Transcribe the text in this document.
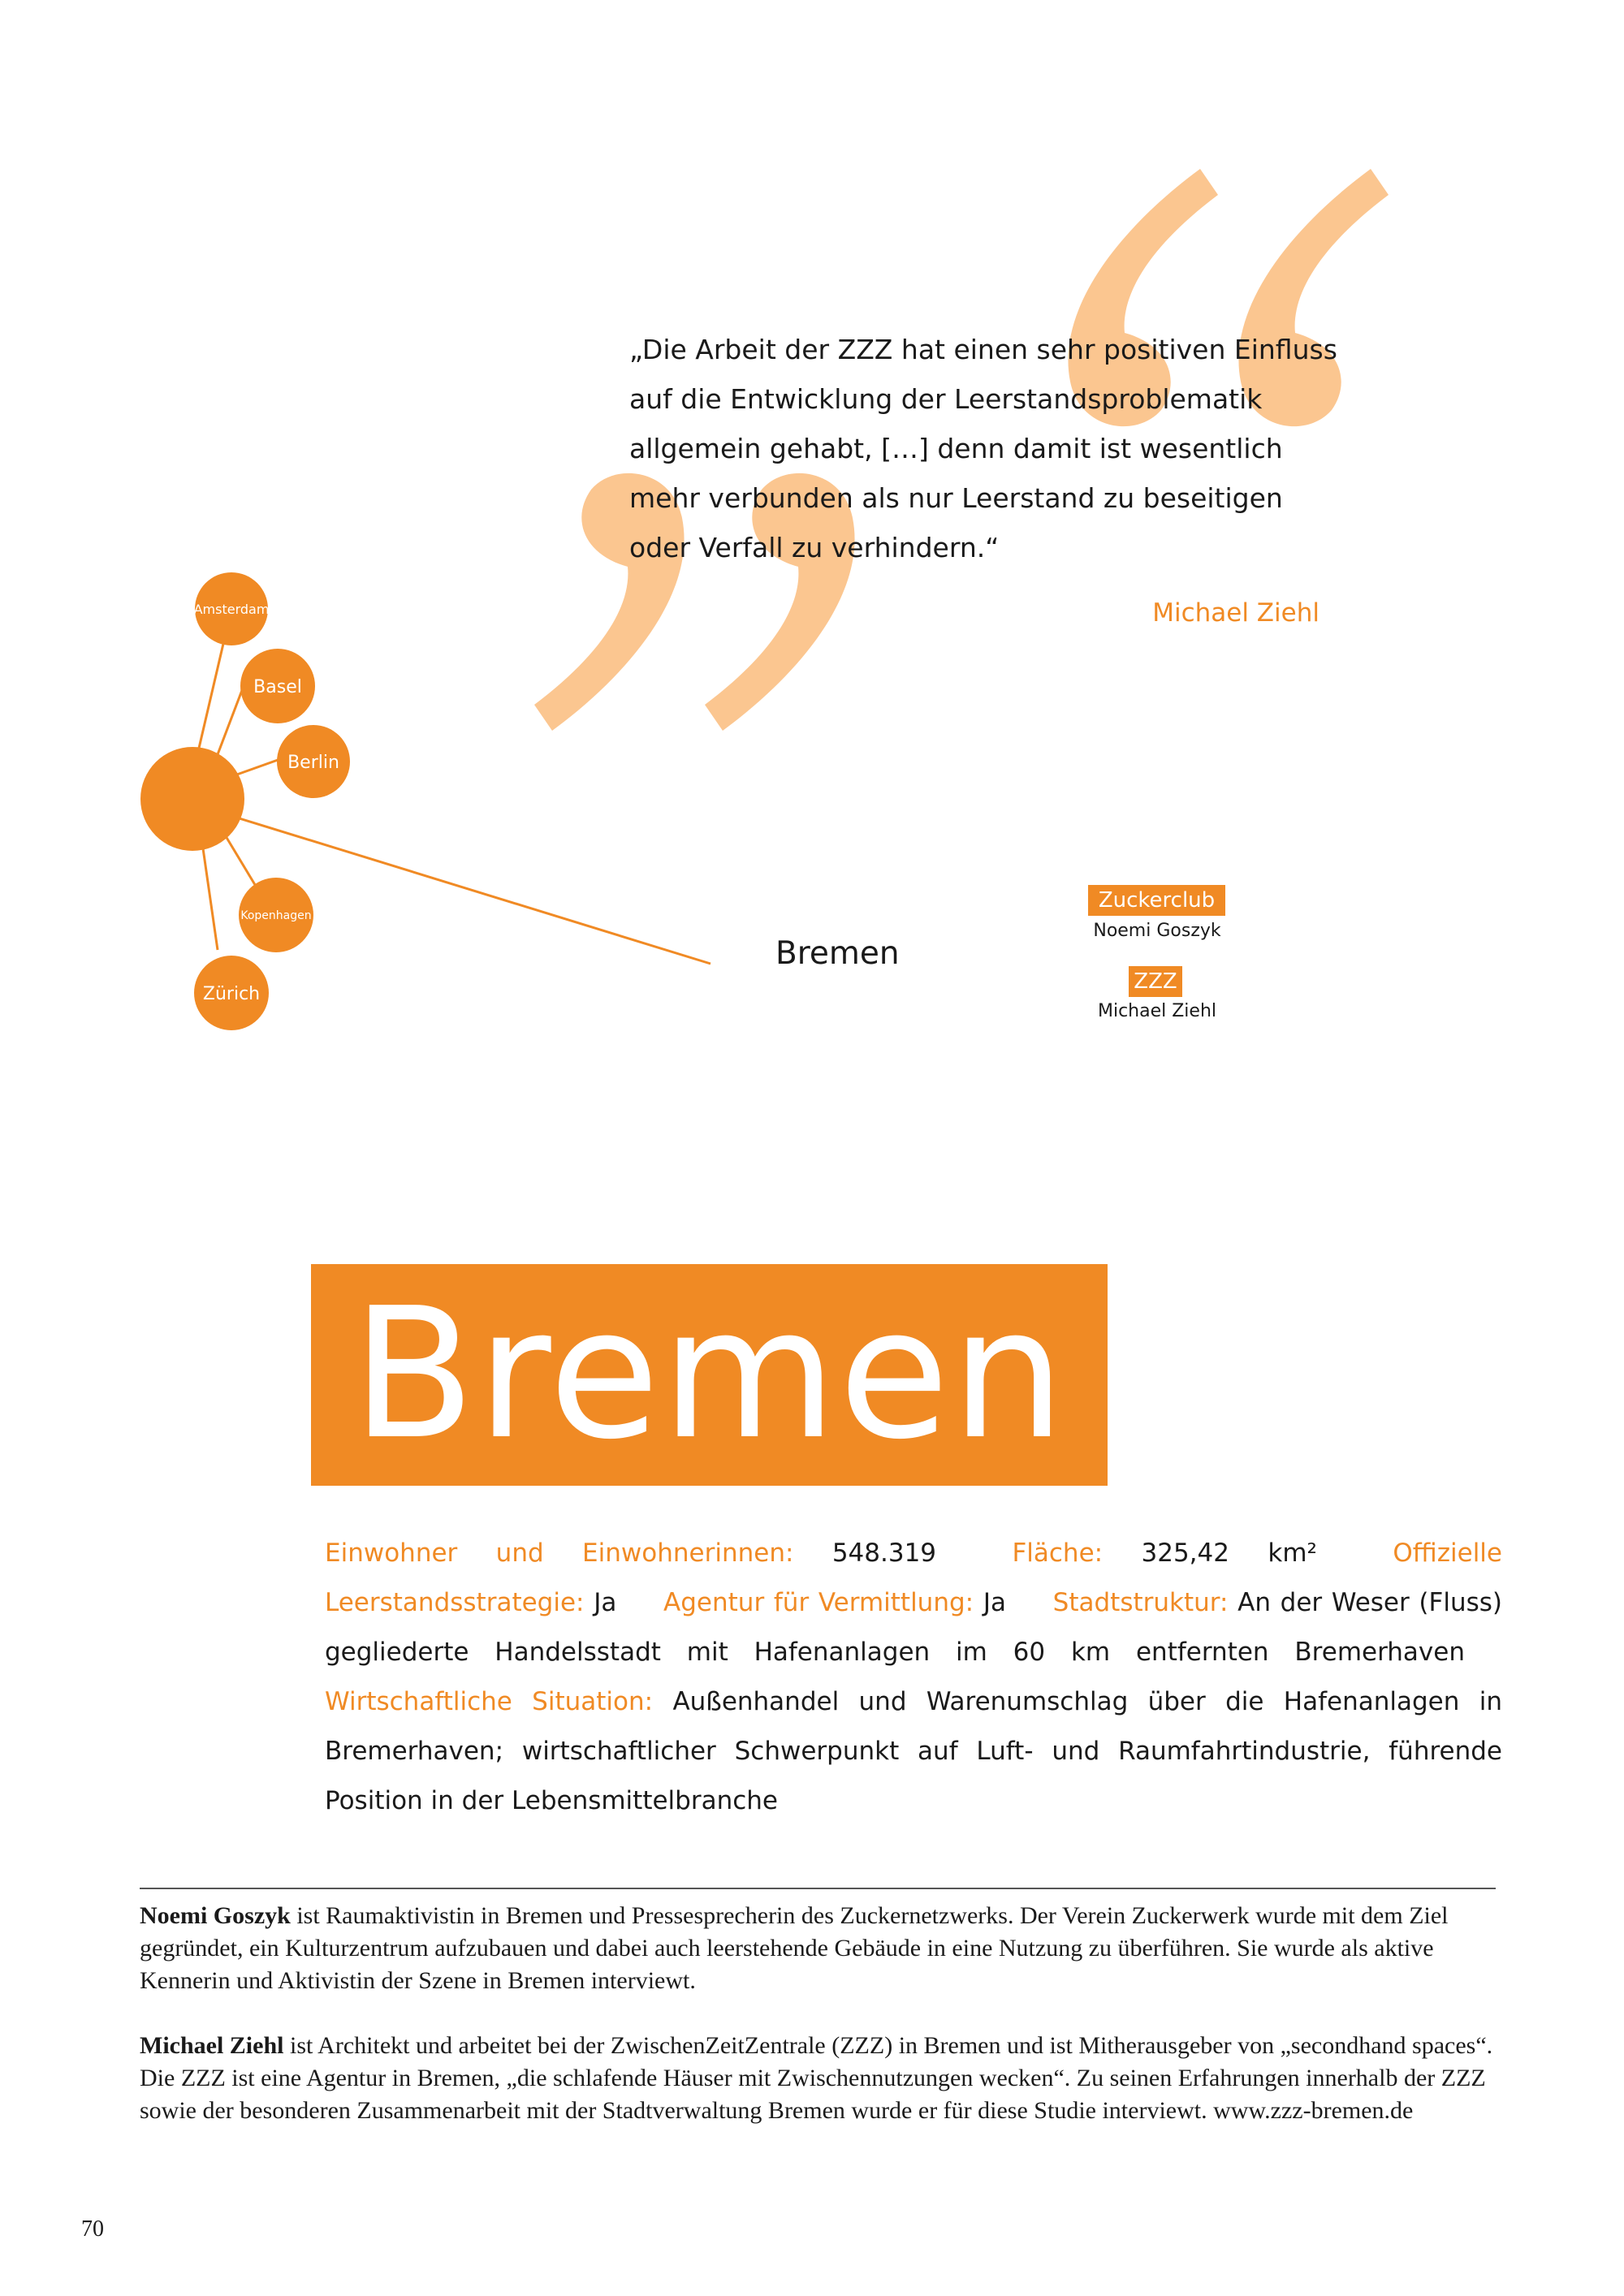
„Die Arbeit der ZZZ hat einen sehr positiven Einfluss auf die Entwicklung der Leerstandsproblematik allgemein gehabt, […] denn damit ist wesentlich mehr verbunden als nur Leerstand zu beseitigen oder Verfall zu verhindern.“
Michael Ziehl
Amsterdam
Basel
Berlin
Kopenhagen
Zürich
Bremen
Zuckerclub
Noemi Goszyk
ZZZ
Michael Ziehl
Bremen
Einwohner und Einwohnerinnen: 548.319	Fläche: 325,42 km²	Offizielle Leerstandsstrategie: Ja Agentur für Vermittlung: Ja Stadtstruktur: An der Weser (Fluss) gegliederte Handelsstadt mit Hafenanlagen im 60 km entfernten Bremerhaven Wirtschaftliche Situation: Außenhandel und Warenumschlag über die Hafenanlagen in Bremerhaven; wirtschaftlicher Schwerpunkt auf Luft- und Raumfahrtindustrie, führende Position in der Lebensmittelbranche
Noemi Goszyk ist Raumaktivistin in Bremen und Pressesprecherin des Zuckernetzwerks. Der Verein Zuckerwerk wurde mit dem Ziel gegründet, ein Kulturzentrum aufzubauen und dabei auch leerstehende Gebäude in eine Nutzung zu überführen. Sie wurde als aktive Kennerin und Aktivistin der Szene in Bremen interviewt.
Michael Ziehl ist Architekt und arbeitet bei der ZwischenZeitZentrale (ZZZ) in Bremen und ist Mitherausgeber von „secondhand spaces“. Die ZZZ ist eine Agentur in Bremen, „die schlafende Häuser mit Zwischennutzungen wecken“. Zu seinen Erfahrungen innerhalb der ZZZ sowie der besonderen Zusammenarbeit mit der Stadtverwaltung Bremen wurde er für diese Studie interviewt. www.zzz-bremen.de
70
